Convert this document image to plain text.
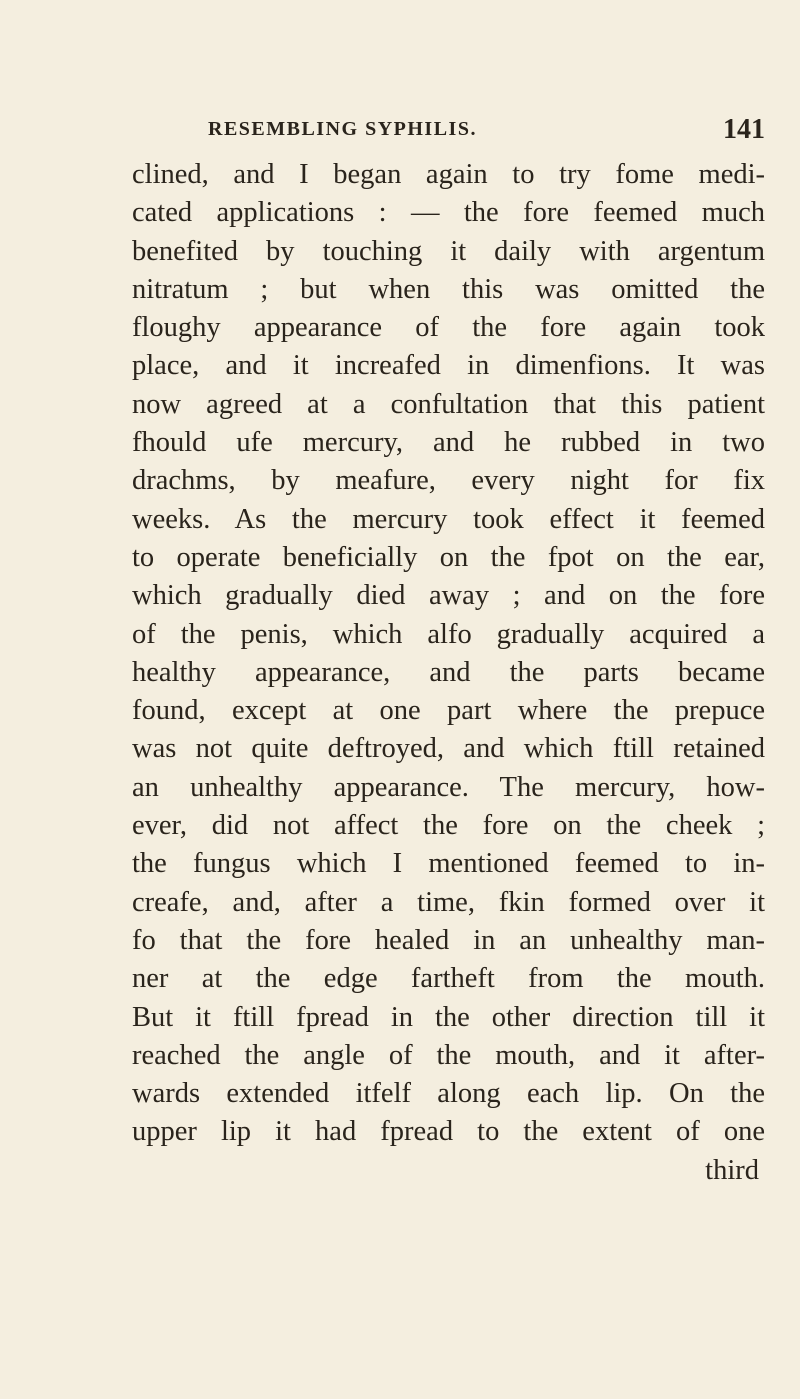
RESEMBLING SYPHILIS.	141
clined, and I began again to try fome medi-
cated applications : — the fore feemed much
benefited by touching it daily with argentum
nitratum ; but when this was omitted the
floughy appearance of the fore again took
place, and it increafed in dimenfions. It was
now agreed at a confultation that this patient
fhould ufe mercury, and he rubbed in two
drachms, by meafure, every night for fix
weeks. As the mercury took effect it feemed
to operate beneficially on the fpot on the ear,
which gradually died away ; and on the fore
of the penis, which alfo gradually acquired a
healthy appearance, and the parts became
found, except at one part where the prepuce
was not quite deftroyed, and which ftill retained
an unhealthy appearance. The mercury, how-
ever, did not affect the fore on the cheek ;
the fungus which I mentioned feemed to in-
creafe, and, after a time, fkin formed over it
fo that the fore healed in an unhealthy man-
ner at the edge fartheft from the mouth.
But it ftill fpread in the other direction till it
reached the angle of the mouth, and it after-
wards extended itfelf along each lip. On the
upper lip it had fpread to the extent of one
third
